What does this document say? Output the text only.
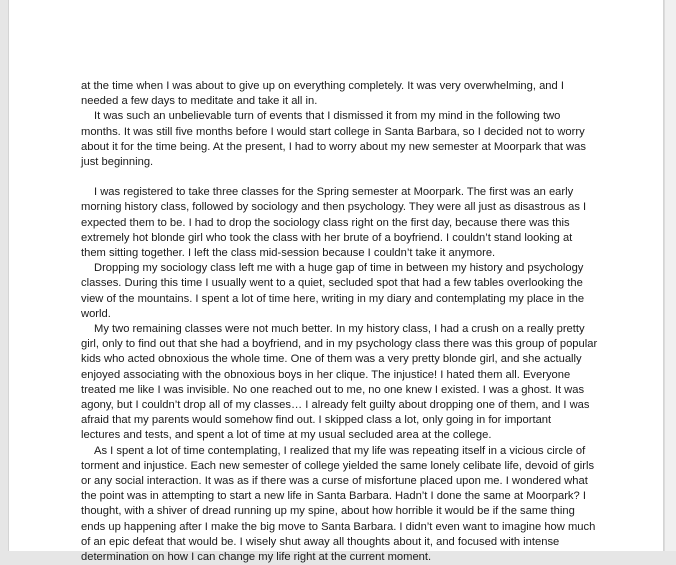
at the time when I was about to give up on everything completely. It was very overwhelming, and I
needed a few days to meditate and take it all in.

It was such an unbelievable turn of events that I dismissed it from my mind in the following two
months. It was still five months before I would start college in Santa Barbara, so I decided not to worry
about it for the time being. At the present, I had to worry about my new semester at Moorpark that was
just beginning.

I was registered to take three classes for the Spring semester at Moorpark. The first was an early
morning history class, followed by sociology and then psychology. They were all just as disastrous as I
expected them to be. I had to drop the sociology class right on the first day, because there was this
extremely hot blonde girl who took the class with her brute of a boyfriend. I couldn’t stand looking at
them sitting together. I left the class mid-session because I couldn’t take it anymore.

Dropping my sociology class left me with a huge gap of time in between my history and psychology
classes. During this time I usually went to a quiet, secluded spot that had a few tables overlooking the
view of the mountains. I spent a lot of time here, writing in my diary and contemplating my place in the
world.

My two remaining classes were not much better. In my history class, I had a crush on a really pretty
girl, only to find out that she had a boyfriend, and in my psychology class there was this group of popular
kids who acted obnoxious the whole time. One of them was a very pretty blonde girl, and she actually
enjoyed associating with the obnoxious boys in her clique. The injustice! I hated them all. Everyone
treated me like I was invisible. No one reached out to me, no one knew I existed. I was a ghost. It was
agony, but I couldn’t drop all of my classes… I already felt guilty about dropping one of them, and I was
afraid that my parents would somehow find out. I skipped class a lot, only going in for important
lectures and tests, and spent a lot of time at my usual secluded area at the college.

As I spent a lot of time contemplating, I realized that my life was repeating itself in a vicious circle of
torment and injustice. Each new semester of college yielded the same lonely celibate life, devoid of girls
or any social interaction. It was as if there was a curse of misfortune placed upon me. I wondered what
the point was in attempting to start a new life in Santa Barbara. Hadn’t I done the same at Moorpark? I
thought, with a shiver of dread running up my spine, about how horrible it would be if the same thing
ends up happening after I make the big move to Santa Barbara. I didn’t even want to imagine how much
of an epic defeat that would be. I wisely shut away all thoughts about it, and focused with intense
determination on how I can change my life right at the current moment.
